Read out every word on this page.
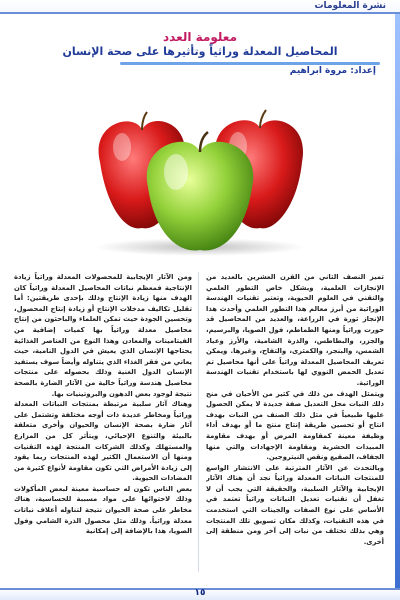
نشرة المعلومات
معلومة العدد
المحاصيل المعدلة وراثياً وتأثيرها على صحة الإنسان
إعداد: مروة ابراهيم

تميز النصف الثاني من القرن العشرين بالعديد من الإنجازات العلمية، وبشكل خاص التطور العلمي والتقني في العلوم الحيوية، وتعتبر تقنيات الهندسة الوراثية من أبرز معالم هذا التطور العلمي وأحدث هذا الإنجاز ثورة في الزراعة، والعديد من المحاصيل قد حورت وراثياً ومنها الطماطم، فول الصويا، والبرسيم، والجزر، والبطاطس، والذرة الشامية، والأرز وعباد الشمس، والبنجر، والكمثرى، والتفاح، وغيرها. ويمكن تعريف المحاصيل المعدلة وراثياً على أنها محاصيل تم تعديل الحمض النووي لها باستخدام تقنيات الهندسة الوراثية.

ويتمثل الهدف من ذلك في كثير من الأحيان في منح ذلك النبات محل التعديل صفة جديدة لا يمكن الحصول عليها طبيعياً في مثل ذلك الصنف من النبات بهدف انتاج أو تحسين طريقة إنتاج منتج ما أو بهدف أداء وظيفة معينة كمقاومة المرض أو بهدف مقاومة المبيدات الحشرية ومقاومة الإجهادات والتي منها الجفاف، الصقيع ونقص النيتروجين.

وبالتحدث عن الآثار المترتبة على الانتشار الواسع للمنتجات النباتات المعدلة وراثياً نجد أن هناك الآثار الإيجابية والآثار السلبية، والحقيقة التي يجب أن لا تغفل أن تقنيات تعديل النباتات وراثياً تعتمد في الأساس على نوع الصفات والجينات التي استخدمت في هذه التقنيات، وكذلك مكان تسويق تلك المنتجات وهي بذلك تختلف من نبات إلى آخر ومن منطقة إلى أخرى.

ومن الآثار الإيجابية للمحصولات المعدلة وراثياً زيادة الإنتاجية فمعظم نباتات المحاصيل المعدلة وراثياً كان الهدف منها زيادة الإنتاج وذلك بإحدى طريقتين: أما تقليل تكاليف مدخلات الإنتاج أو زيادة إنتاج المحصول، وتحسين الجودة حيث تمكن العلماء والباحثون من إنتاج محاصيل معدلة وراثياً بها كميات إضافية من الفيتامينات والمعادن وهذا النوع من العناصر الغذائية يحتاجها الإنسان الذي يعيش في الدول النامية، حيث يعاني من فقر الغذاء الذي يتناوله وأيضاً سوف يستفيد الإنسان الدول الغنية وذلك بحصوله على منتجات محاصيل هندسة وراثياً خالية من الآثار الضارة بالصحة نتيجة لوجود بعض الدهون والبروتينيات بها.

وهناك آثار سلبية مرتبطة بمنتجات النباتات المعدلة وراثياً ومخاطر عديدة ذات أوجه مختلفة وتشتمل على آثار ضارة بصحة الإنسان والحيوان وأخرى متعلقة بالبيئة والتنوع الإحيائي، ويتأثر كل من المزارع والمستهلك وكذلك الشركات المنتجة لهذه التقنيات ومنها أن الاستعمال الكثير لهذه المنتجات ربما يقود إلى زيادة الأمراض التي تكون مقاومة لأنواع كثيرة من المضادات الحيوية.

بعض الناس تكون له حساسية معينة لبعض المأكولات وذلك لاحتوائها على مواد مسببة للحساسية، هناك مخاطر على صحة الحيوان نتيجة لتناوله أعلاف نباتات معدلة وراثياً. وذلك مثل محصول الذرة الشامي وفول الصويا، هذا بالإضافة إلى إمكانية

١٥
